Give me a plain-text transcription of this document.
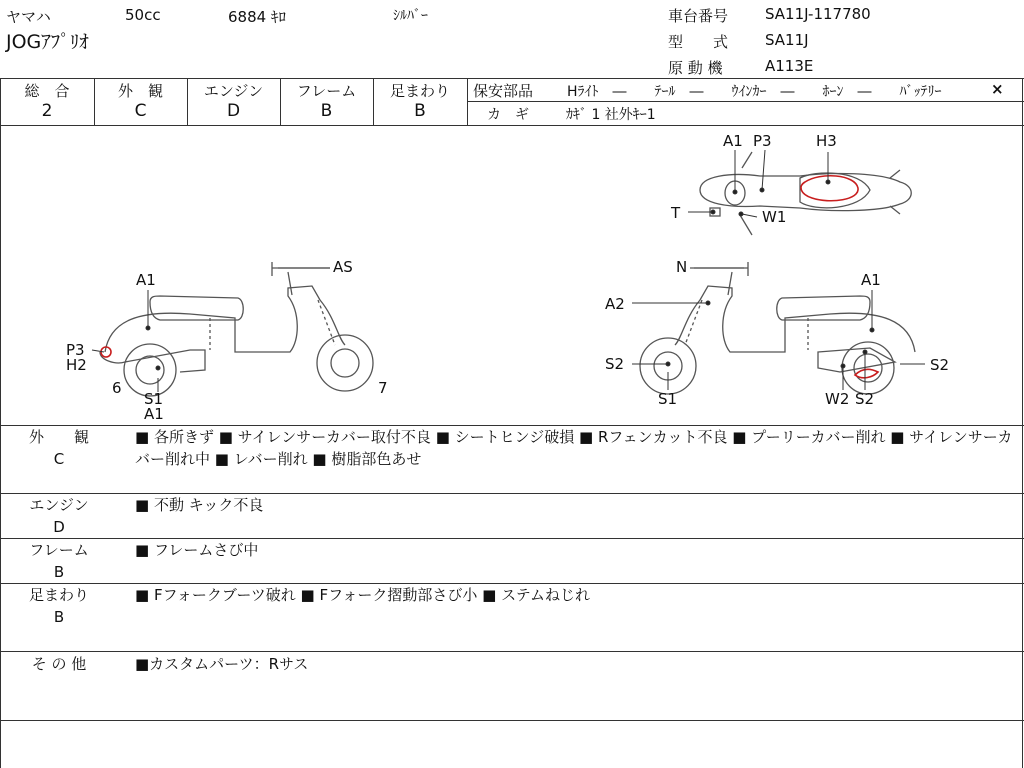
ヤマハ	50cc	6884 ｷﾛ	ｼﾙﾊﾞｰ
JOGｱﾌﾟﾘｵ
車台番号 SA11J-117780
型　　式 SA11J
原 動 機	A113E
総　合
2
外　観
C
エンジン
D
フレーム
B
足まわり
B
保安部品 Hﾗｲﾄ　―　　ﾃｰﾙ　―　　ｳｲﾝｶｰ　―　　ﾎｰﾝ　―　　ﾊﾞｯﾃﾘｰ	×
カ　ギ	ｶｷﾞ 1 社外ｷｰ1
A1 P3	H3
T	W1
A1
AS
P3
H2
6
S1
A1
7
N
A2
A1
S2
S1	W2 S2
S2
外　　観
C
■ 各所きず ■ サイレンサーカバー取付不良 ■ シートヒンジ破損 ■ Rフェンカット不良 ■ プーリーカバー削れ ■ サイレンサーカバー削れ中 ■ レバー削れ ■ 樹脂部色あせ
エンジン
D
■ 不動 キック不良
フレーム
B
■ フレームさび中
足まわり
B
■ Fフォークブーツ破れ ■ Fフォーク摺動部さび小 ■ ステムねじれ
そ の 他	■カスタムパーツ：Rサス
